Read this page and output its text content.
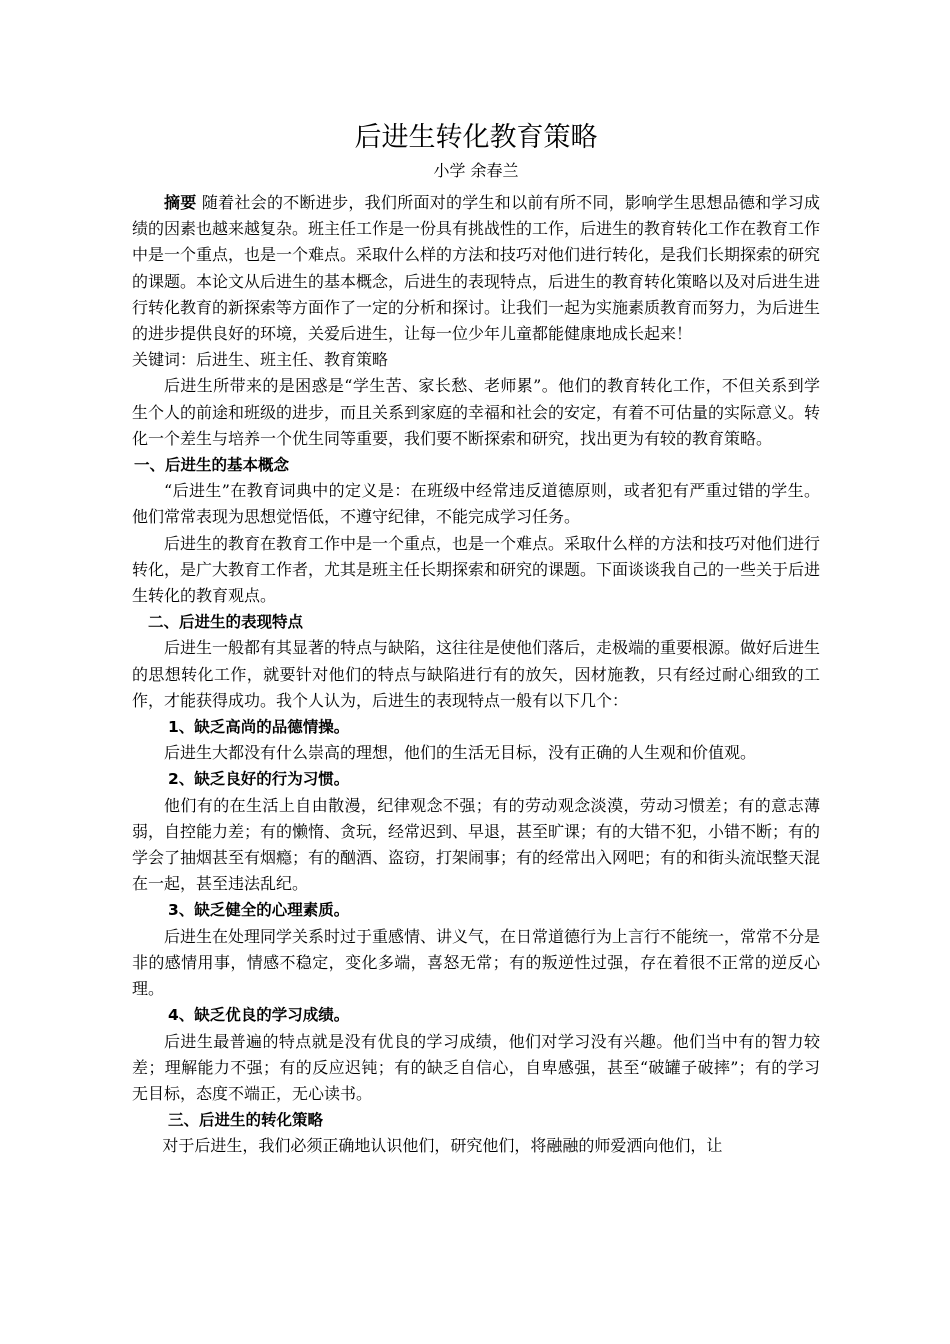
后进生转化教育策略
小学 余春兰

摘要 随着社会的不断进步，我们所面对的学生和以前有所不同，影响学生思想品德和学习成绩的因素也越来越复杂。班主任工作是一份具有挑战性的工作，后进生的教育转化工作在教育工作中是一个重点，也是一个难点。采取什么样的方法和技巧对他们进行转化，是我们长期探索的研究的课题。本论文从后进生的基本概念，后进生的表现特点，后进生的教育转化策略以及对后进生进行转化教育的新探索等方面作了一定的分析和探讨。让我们一起为实施素质教育而努力，为后进生的进步提供良好的环境，关爱后进生，让每一位少年儿童都能健康地成长起来！

关键词：后进生、班主任、教育策略

后进生所带来的是困惑是“学生苦、家长愁、老师累”。他们的教育转化工作，不但关系到学生个人的前途和班级的进步，而且关系到家庭的幸福和社会的安定，有着不可估量的实际意义。转化一个差生与培养一个优生同等重要，我们要不断探索和研究，找出更为有较的教育策略。

一、后进生的基本概念

“后进生”在教育词典中的定义是：在班级中经常违反道德原则，或者犯有严重过错的学生。他们常常表现为思想觉悟低，不遵守纪律，不能完成学习任务。

后进生的教育在教育工作中是一个重点，也是一个难点。采取什么样的方法和技巧对他们进行转化，是广大教育工作者，尤其是班主任长期探索和研究的课题。下面谈谈我自己的一些关于后进生转化的教育观点。

二、后进生的表现特点

后进生一般都有其显著的特点与缺陷，这往往是使他们落后，走极端的重要根源。做好后进生的思想转化工作，就要针对他们的特点与缺陷进行有的放矢，因材施教，只有经过耐心细致的工作，才能获得成功。我个人认为，后进生的表现特点一般有以下几个：

1、缺乏高尚的品德情操。

后进生大都没有什么崇高的理想，他们的生活无目标，没有正确的人生观和价值观。

2、缺乏良好的行为习惯。

他们有的在生活上自由散漫，纪律观念不强；有的劳动观念淡漠，劳动习惯差；有的意志薄弱，自控能力差；有的懒惰、贪玩，经常迟到、早退，甚至旷课；有的大错不犯，小错不断；有的学会了抽烟甚至有烟瘾；有的酗酒、盗窃，打架闹事；有的经常出入网吧；有的和街头流氓整天混在一起，甚至违法乱纪。

3、缺乏健全的心理素质。

后进生在处理同学关系时过于重感情、讲义气，在日常道德行为上言行不能统一，常常不分是非的感情用事，情感不稳定，变化多端，喜怒无常；有的叛逆性过强，存在着很不正常的逆反心理。

4、缺乏优良的学习成绩。

后进生最普遍的特点就是没有优良的学习成绩，他们对学习没有兴趣。他们当中有的智力较差；理解能力不强；有的反应迟钝；有的缺乏自信心，自卑感强，甚至“破罐子破摔”；有的学习无目标，态度不端正，无心读书。

三、后进生的转化策略

对于后进生，我们必须正确地认识他们，研究他们，将融融的师爱洒向他们，让
